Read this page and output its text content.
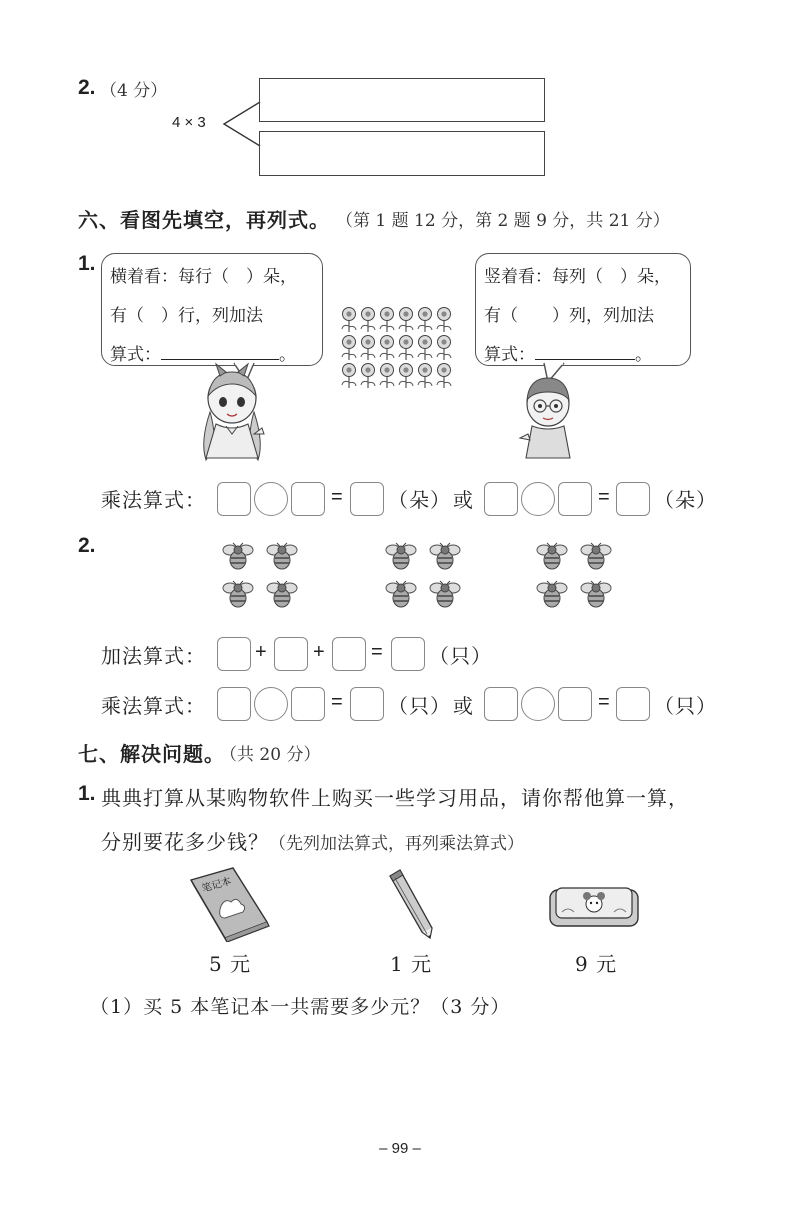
2. （4 分）
4 × 3
六、看图先填空，再列式。 （第 1 题 12 分，第 2 题 9 分，共 21 分）
1.
横着看：每行（　）朵，
有（　）行，列加法
算式：	。
竖着看：每列（　）朵，
有（　　）列，列加法
算式：	。
乘法算式：	= （朵） 或	= （朵）
2.
加法算式： + + = （只）
乘法算式：	= （只） 或	= （只）
七、解决问题。
（共 20 分）
1. 典典打算从某购物软件上购买一些学习用品，请你帮他算一算，
分别要花多少钱？（先列加法算式，再列乘法算式）
笔记本
5 元	1 元	9 元
（1）买 5 本笔记本一共需要多少元？（3 分）
– 99 –
